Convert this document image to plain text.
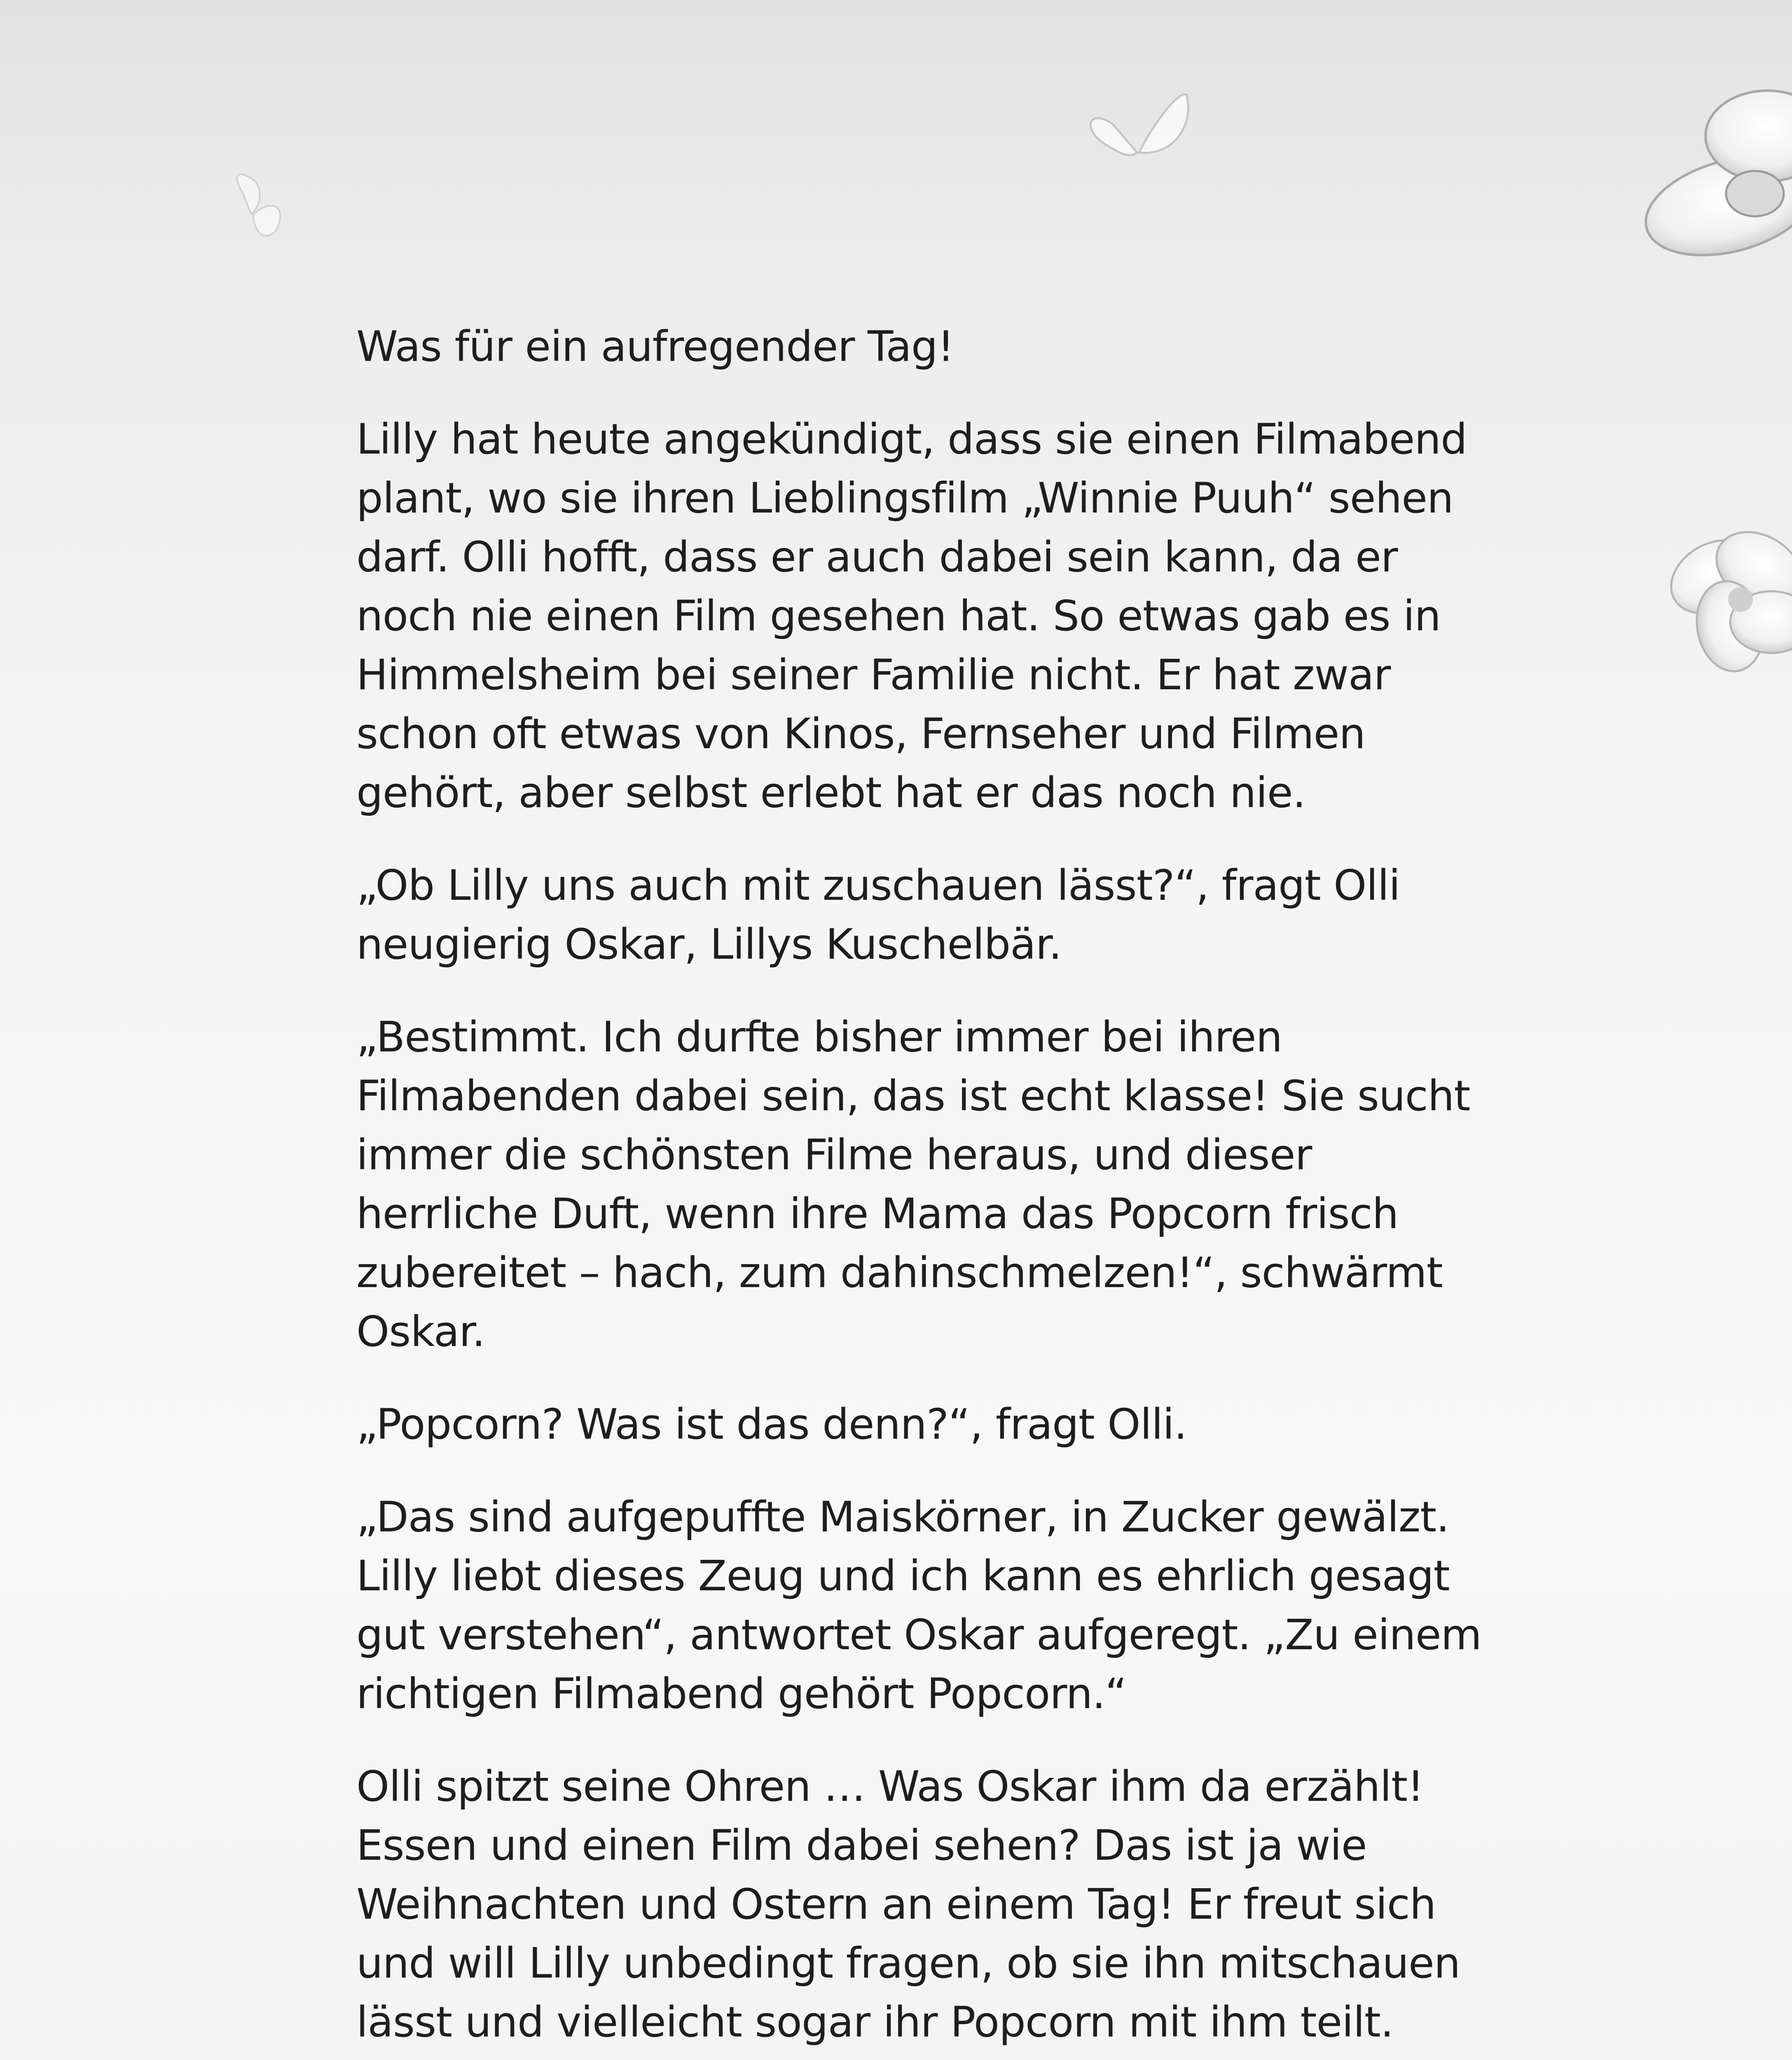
Was für ein aufregender Tag!

Lilly hat heute angekündigt, dass sie einen Filmabend plant, wo sie ihren Lieblingsfilm „Winnie Puuh“ sehen darf. Olli hofft, dass er auch dabei sein kann, da er noch nie einen Film gesehen hat. So etwas gab es in Himmelsheim bei seiner Familie nicht. Er hat zwar schon oft etwas von Kinos, Fernseher und Filmen gehört, aber selbst erlebt hat er das noch nie.

„Ob Lilly uns auch mit zuschauen lässt?“, fragt Olli neugierig Oskar, Lillys Kuschelbär.

„Bestimmt. Ich durfte bisher immer bei ihren Filmabenden dabei sein, das ist echt klasse! Sie sucht immer die schönsten Filme heraus, und dieser herrliche Duft, wenn ihre Mama das Popcorn frisch zubereitet – hach, zum dahinschmelzen!“, schwärmt Oskar.

„Popcorn? Was ist das denn?“, fragt Olli.

„Das sind aufgepuffte Maiskörner, in Zucker gewälzt. Lilly liebt dieses Zeug und ich kann es ehrlich gesagt gut verstehen“, antwortet Oskar aufgeregt. „Zu einem richtigen Filmabend gehört Popcorn.“

Olli spitzt seine Ohren … Was Oskar ihm da erzählt! Essen und einen Film dabei sehen? Das ist ja wie Weihnachten und Ostern an einem Tag! Er freut sich und will Lilly unbedingt fragen, ob sie ihn mitschauen lässt und vielleicht sogar ihr Popcorn mit ihm teilt.
